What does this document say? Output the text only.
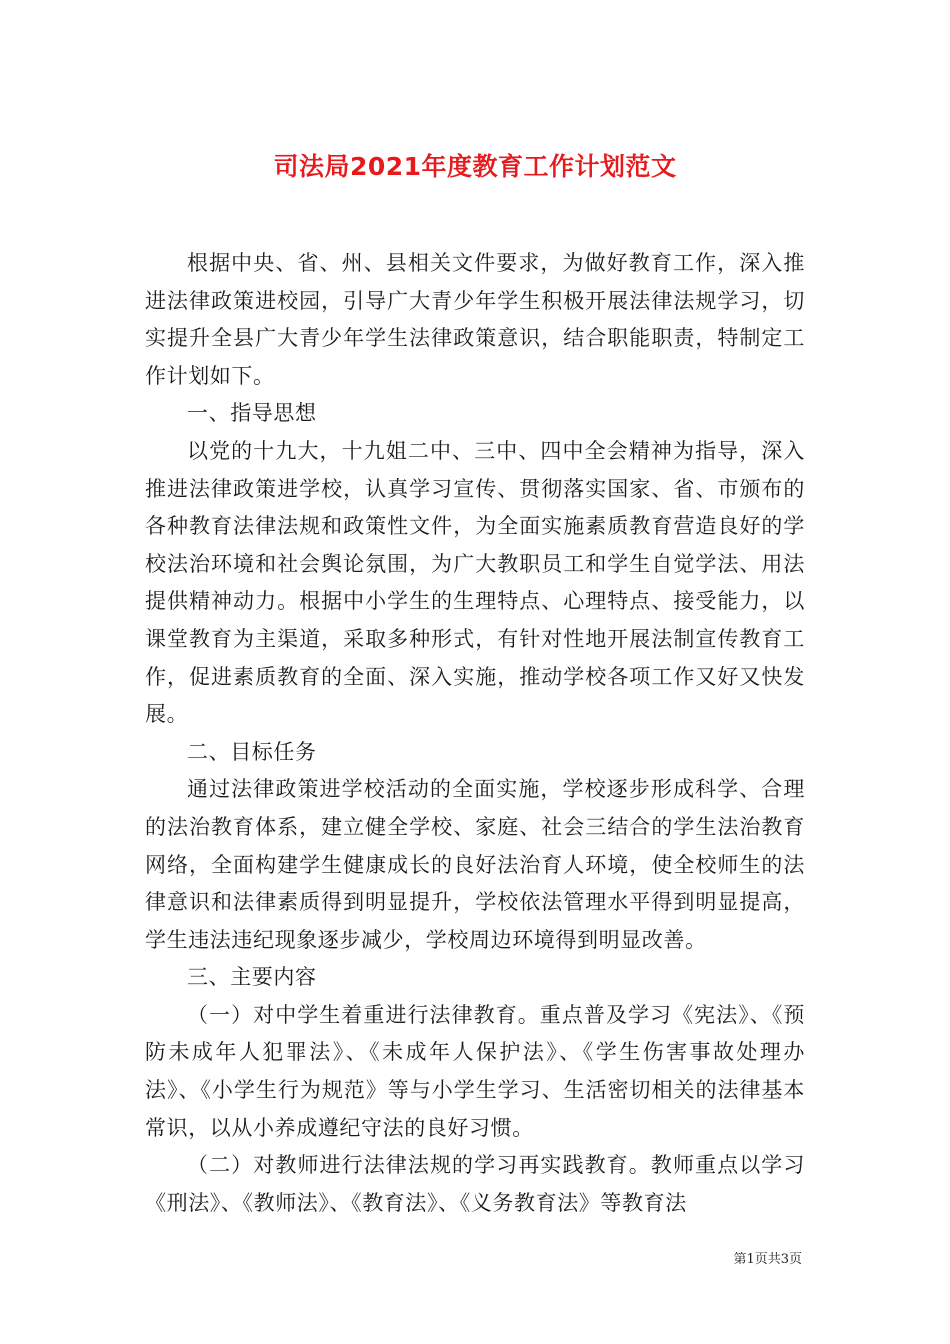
司法局2021年度教育工作计划范文

根据中央、省、州、县相关文件要求，为做好教育工作，深入推进法律政策进校园，引导广大青少年学生积极开展法律法规学习，切实提升全县广大青少年学生法律政策意识，结合职能职责，特制定工作计划如下。

一、指导思想

以党的十九大，十九姐二中、三中、四中全会精神为指导，深入推进法律政策进学校，认真学习宣传、贯彻落实国家、省、市颁布的各种教育法律法规和政策性文件，为全面实施素质教育营造良好的学校法治环境和社会舆论氛围，为广大教职员工和学生自觉学法、用法提供精神动力。根据中小学生的生理特点、心理特点、接受能力，以课堂教育为主渠道，采取多种形式，有针对性地开展法制宣传教育工作，促进素质教育的全面、深入实施，推动学校各项工作又好又快发展。

二、目标任务

通过法律政策进学校活动的全面实施，学校逐步形成科学、合理的法治教育体系，建立健全学校、家庭、社会三结合的学生法治教育网络，全面构建学生健康成长的良好法治育人环境，使全校师生的法律意识和法律素质得到明显提升，学校依法管理水平得到明显提高，学生违法违纪现象逐步减少，学校周边环境得到明显改善。

三、主要内容

（一）对中学生着重进行法律教育。重点普及学习《宪法》、《预防未成年人犯罪法》、《未成年人保护法》、《学生伤害事故处理办法》、《小学生行为规范》等与小学生学习、生活密切相关的法律基本常识，以从小养成遵纪守法的良好习惯。

（二）对教师进行法律法规的学习再实践教育。教师重点以学习《刑法》、《教师法》、《教育法》、《义务教育法》等教育法

第1页共3页
